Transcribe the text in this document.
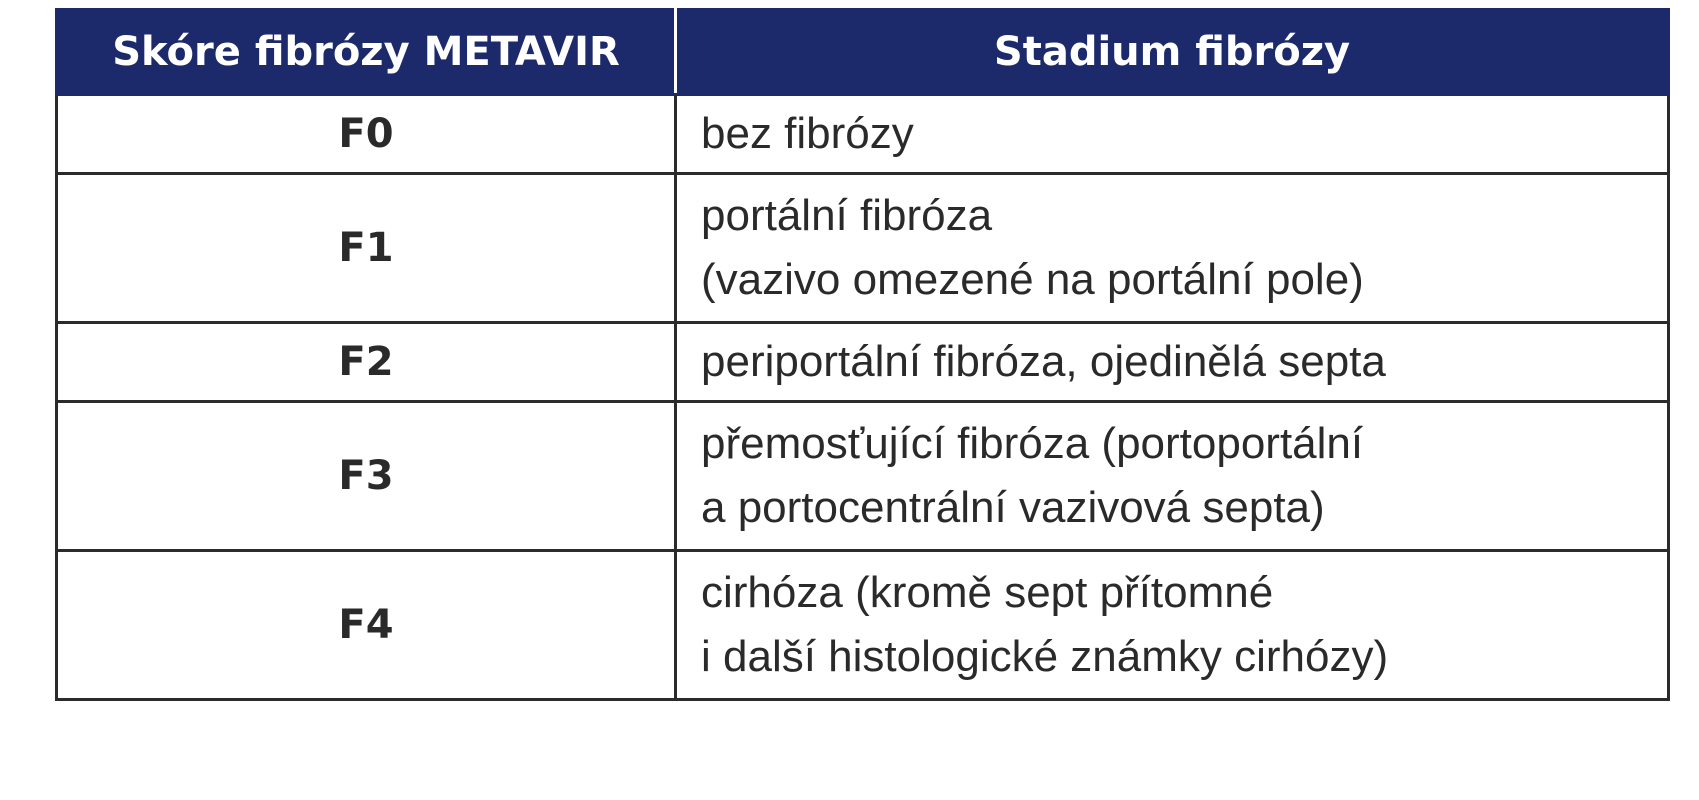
Skóre fibrózy METAVIR	Stadium fibrózy
F0	bez fibrózy

F1	portální fibróza
(vazivo omezené na portální pole)

F2	periportální fibróza, ojedinělá septa

F3	přemosťující fibróza (portoportální
a portocentrální vazivová septa)

F4	cirhóza (kromě sept přítomné
i další histologické známky cirhózy)
